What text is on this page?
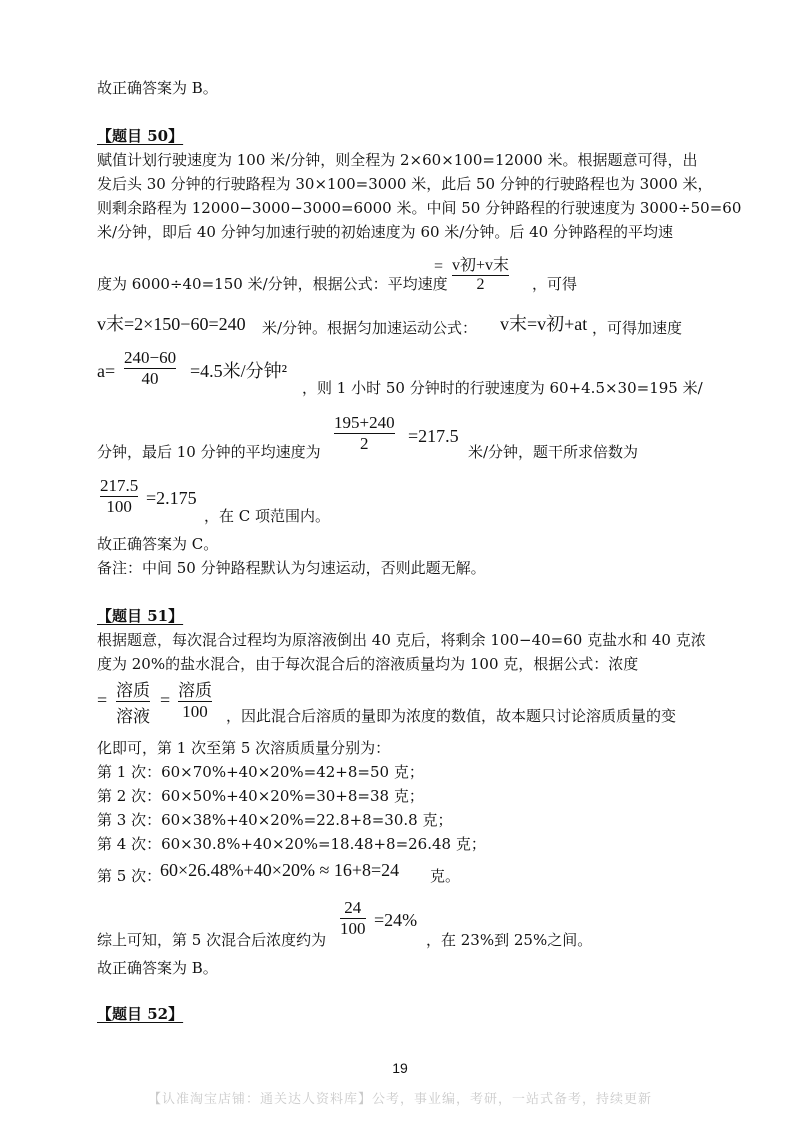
故正确答案为 B。
【题目 50】
赋值计划行驶速度为 100 米/分钟，则全程为 2×60×100=12000 米。根据题意可得，出
发后头 30 分钟的行驶路程为 30×100=3000 米，此后 50 分钟的行驶路程也为 3000 米，
则剩余路程为 12000−3000−3000=6000 米。中间 50 分钟路程的行驶速度为 3000÷50=60
米/分钟，即后 40 分钟匀加速行驶的初始速度为 60 米/分钟。后 40 分钟路程的平均速
度为 6000÷40=150 米/分钟，根据公式：平均速度
= v初+v末
2	，可得
v末=2×150−60=240 米/分钟。根据匀加速运动公式： v末=v初+at ，可得加速度
a=
240−60
40 =4.5米/分钟²
，则 1 小时 50 分钟时的行驶速度为 60+4.5×30=195 米/
分钟，最后 10 分钟的平均速度为
195+240
2 =217.5
米/分钟，题干所求倍数为
217.5
100 =2.175
，在 C 项范围内。
故正确答案为 C。
备注：中间 50 分钟路程默认为匀速运动，否则此题无解。
【题目 51】
根据题意，每次混合过程均为原溶液倒出 40 克后，将剩余 100−40=60 克盐水和 40 克浓
度为 20%的盐水混合，由于每次混合后的溶液质量均为 100 克，根据公式：浓度
= 溶质
溶液
= 溶质
100 ，因此混合后溶质的量即为浓度的数值，故本题只讨论溶质质量的变
化即可，第 1 次至第 5 次溶质质量分别为：
第 1 次：60×70%+40×20%=42+8=50 克；
第 2 次：60×50%+40×20%=30+8=38 克；
第 3 次：60×38%+40×20%=22.8+8=30.8 克；
第 4 次：60×30.8%+40×20%=18.48+8=26.48 克；
第 5 次：
60×26.48%+40×20% ≈ 16+8=24 克。
综上可知，第 5 次混合后浓度约为
24
100 =24%
，在 23%到 25%之间。
故正确答案为 B。
【题目 52】
19
【认准淘宝店铺：通关达人资料库】公考，事业编，考研，一站式备考，持续更新
